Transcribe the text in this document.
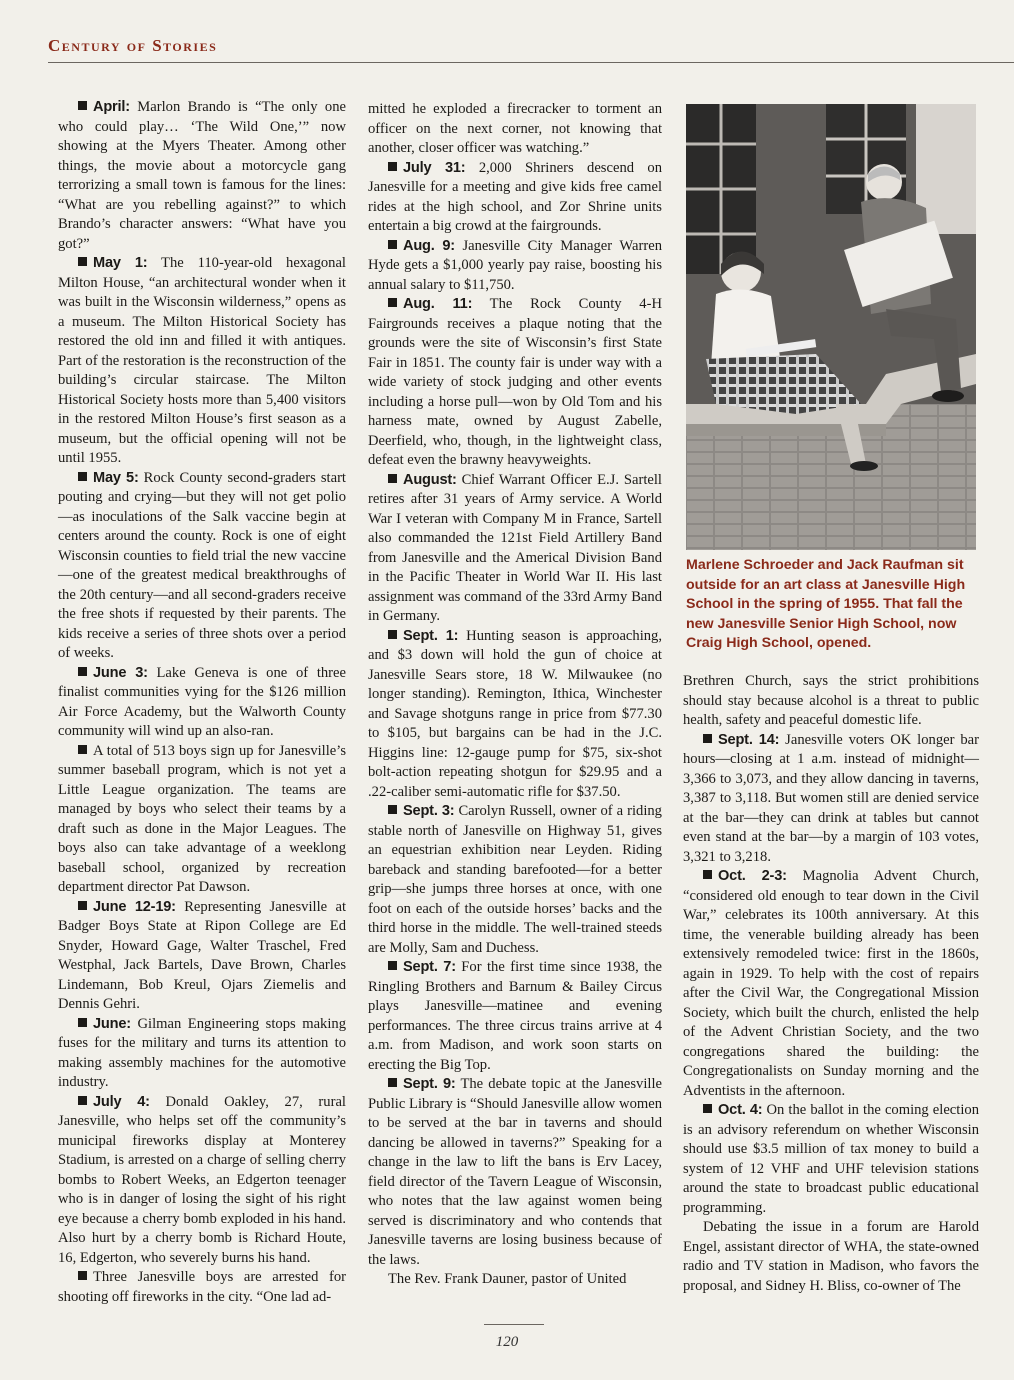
Century of Stories

April: Marlon Brando is “The only one who could play… ‘The Wild One,’” now showing at the Myers Theater. Among other things, the movie about a motorcycle gang terrorizing a small town is famous for the lines: “What are you rebelling against?” to which Brando’s character answers: “What have you got?”

May 1: The 110-year-old hexagonal Milton House, “an architectural wonder when it was built in the Wisconsin wilderness,” opens as a museum. The Milton Historical Society has restored the old inn and filled it with antiques. Part of the restoration is the reconstruction of the building’s circular staircase. The Milton Historical Society hosts more than 5,400 visitors in the restored Milton House’s first season as a museum, but the official opening will not be until 1955.

May 5: Rock County second-graders start pouting and crying—but they will not get polio—as inoculations of the Salk vaccine begin at centers around the county. Rock is one of eight Wisconsin counties to field trial the new vaccine—one of the greatest medical breakthroughs of the 20th century—and all second-graders receive the free shots if requested by their parents. The kids receive a series of three shots over a period of weeks.

June 3: Lake Geneva is one of three finalist communities vying for the $126 million Air Force Academy, but the Walworth County community will wind up an also-ran.

A total of 513 boys sign up for Janesville’s summer baseball program, which is not yet a Little League organization. The teams are managed by boys who select their teams by a draft such as done in the Major Leagues. The boys also can take advantage of a weeklong baseball school, organized by recreation department director Pat Dawson.

June 12-19: Representing Janesville at Badger Boys State at Ripon College are Ed Snyder, Howard Gage, Walter Traschel, Fred Westphal, Jack Bartels, Dave Brown, Charles Lindemann, Bob Kreul, Ojars Ziemelis and Dennis Gehri.

June: Gilman Engineering stops making fuses for the military and turns its attention to making assembly machines for the automotive industry.

July 4: Donald Oakley, 27, rural Janesville, who helps set off the community’s municipal fireworks display at Monterey Stadium, is arrested on a charge of selling cherry bombs to Robert Weeks, an Edgerton teenager who is in danger of losing the sight of his right eye because a cherry bomb exploded in his hand. Also hurt by a cherry bomb is Richard Houte, 16, Edgerton, who severely burns his hand.

Three Janesville boys are arrested for shooting off fireworks in the city. “One lad ad-

mitted he exploded a firecracker to torment an officer on the next corner, not knowing that another, closer officer was watching.”

July 31: 2,000 Shriners descend on Janesville for a meeting and give kids free camel rides at the high school, and Zor Shrine units entertain a big crowd at the fairgrounds.

Aug. 9: Janesville City Manager Warren Hyde gets a $1,000 yearly pay raise, boosting his annual salary to $11,750.

Aug. 11: The Rock County 4-H Fairgrounds receives a plaque noting that the grounds were the site of Wisconsin’s first State Fair in 1851. The county fair is under way with a wide variety of stock judging and other events including a horse pull—won by Old Tom and his harness mate, owned by August Zabelle, Deerfield, who, though, in the lightweight class, defeat even the brawny heavyweights.

August: Chief Warrant Officer E.J. Sartell retires after 31 years of Army service. A World War I veteran with Company M in France, Sartell also commanded the 121st Field Artillery Band from Janesville and the Americal Division Band in the Pacific Theater in World War II. His last assignment was command of the 33rd Army Band in Germany.

Sept. 1: Hunting season is approaching, and $3 down will hold the gun of choice at Janesville Sears store, 18 W. Milwaukee (no longer standing). Remington, Ithica, Winchester and Savage shotguns range in price from $77.30 to $105, but bargains can be had in the J.C. Higgins line: 12-gauge pump for $75, six-shot bolt-action repeating shotgun for $29.95 and a .22-caliber semi-automatic rifle for $37.50.

Sept. 3: Carolyn Russell, owner of a riding stable north of Janesville on Highway 51, gives an equestrian exhibition near Leyden. Riding bareback and standing barefooted—for a better grip—she jumps three horses at once, with one foot on each of the outside horses’ backs and the third horse in the middle. The well-trained steeds are Molly, Sam and Duchess.

Sept. 7: For the first time since 1938, the Ringling Brothers and Barnum & Bailey Circus plays Janesville—matinee and evening performances. The three circus trains arrive at 4 a.m. from Madison, and work soon starts on erecting the Big Top.

Sept. 9: The debate topic at the Janesville Public Library is “Should Janesville allow women to be served at the bar in taverns and should dancing be allowed in taverns?” Speaking for a change in the law to lift the bans is Erv Lacey, field director of the Tavern League of Wisconsin, who notes that the law against women being served is discriminatory and who contends that Janesville taverns are losing business because of the laws.

The Rev. Frank Dauner, pastor of United

Marlene Schroeder and Jack Raufman sit outside for an art class at Janesville High School in the spring of 1955. That fall the new Janesville Senior High School, now Craig High School, opened.

Brethren Church, says the strict prohibitions should stay because alcohol is a threat to public health, safety and peaceful domestic life.

Sept. 14: Janesville voters OK longer bar hours—closing at 1 a.m. instead of midnight—3,366 to 3,073, and they allow dancing in taverns, 3,387 to 3,118. But women still are denied service at the bar—they can drink at tables but cannot even stand at the bar—by a margin of 103 votes, 3,321 to 3,218.

Oct. 2-3: Magnolia Advent Church, “considered old enough to tear down in the Civil War,” celebrates its 100th anniversary. At this time, the venerable building already has been extensively remodeled twice: first in the 1860s, again in 1929. To help with the cost of repairs after the Civil War, the Congregational Mission Society, which built the church, enlisted the help of the Advent Christian Society, and the two congregations shared the building: the Congregationalists on Sunday morning and the Adventists in the afternoon.

Oct. 4: On the ballot in the coming election is an advisory referendum on whether Wisconsin should use $3.5 million of tax money to build a system of 12 VHF and UHF television stations around the state to broadcast public educational programming.

Debating the issue in a forum are Harold Engel, assistant director of WHA, the state-owned radio and TV station in Madison, who favors the proposal, and Sidney H. Bliss, co-owner of The

120
